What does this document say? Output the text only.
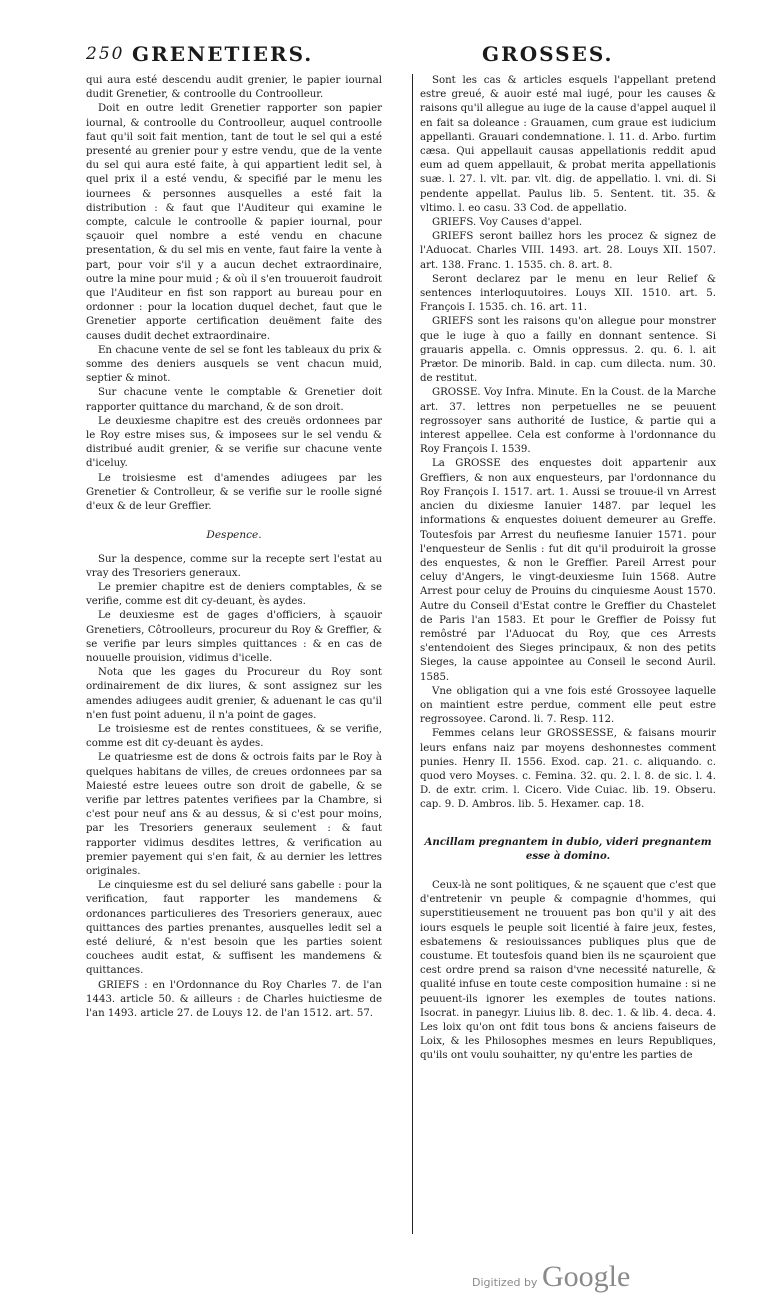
250 GRENETIERS.	GROSSES.

qui aura esté descendu audit grenier, le papier iournal dudit Grenetier, & controolle du Controolleur.

Doit en outre ledit Grenetier rapporter son papier iournal, & controolle du Controolleur, auquel controolle faut qu'il soit fait mention, tant de tout le sel qui a esté presenté au grenier pour y estre vendu, que de la vente du sel qui aura esté faite, à qui appartient ledit sel, à quel prix il a esté vendu, & specifié par le menu les iournees & personnes ausquelles a esté fait la distribution : & faut que l'Auditeur qui examine le compte, calcule le controolle & papier iournal, pour sçauoir quel nombre a esté vendu en chacune presentation, & du sel mis en vente, faut faire la vente à part, pour voir s'il y a aucun dechet extraordinaire, outre la mine pour muid ; & où il s'en trouueroit faudroit que l'Auditeur en fist son rapport au bureau pour en ordonner : pour la location duquel dechet, faut que le Grenetier apporte certification deuëment faite des causes dudit dechet extraordinaire.

En chacune vente de sel se font les tableaux du prix & somme des deniers ausquels se vent chacun muid, septier & minot.

Sur chacune vente le comptable & Grenetier doit rapporter quittance du marchand, & de son droit.

Le deuxiesme chapitre est des creuës ordonnees par le Roy estre mises sus, & imposees sur le sel vendu & distribué audit grenier, & se verifie sur chacune vente d'iceluy.

Le troisiesme est d'amendes adiugees par les Grenetier & Controlleur, & se verifie sur le roolle signé d'eux & de leur Greffier.

Despence.

Sur la despence, comme sur la recepte sert l'estat au vray des Tresoriers generaux.

Le premier chapitre est de deniers comptables, & se verifie, comme est dit cy-deuant, ès aydes.

Le deuxiesme est de gages d'officiers, à sçauoir Grenetiers, Côtroolleurs, procureur du Roy & Greffier, & se verifie par leurs simples quittances : & en cas de nouuelle prouision, vidimus d'icelle.

Nota que les gages du Procureur du Roy sont ordinairement de dix liures, & sont assignez sur les amendes adiugees audit grenier, & aduenant le cas qu'il n'en fust point aduenu, il n'a point de gages.

Le troisiesme est de rentes constituees, & se verifie, comme est dit cy-deuant ès aydes.

Le quatriesme est de dons & octrois faits par le Roy à quelques habitans de villes, de creues ordonnees par sa Maiesté estre leuees outre son droit de gabelle, & se verifie par lettres patentes verifiees par la Chambre, si c'est pour neuf ans & au dessus, & si c'est pour moins, par les Tresoriers generaux seulement : & faut rapporter vidimus desdites lettres, & verification au premier payement qui s'en fait, & au dernier les lettres originales.

Le cinquiesme est du sel deliuré sans gabelle : pour la verification, faut rapporter les mandemens & ordonances particulieres des Tresoriers generaux, auec quittances des parties prenantes, ausquelles ledit sel a esté deliuré, & n'est besoin que les parties soient couchees audit estat, & suffisent les mandemens & quittances.

GRIEFS : en l'Ordonnance du Roy Charles 7. de l'an 1443. article 50. & ailleurs : de Charles huictiesme de l'an 1493. article 27. de Louys 12. de l'an 1512. art. 57.

Sont les cas & articles esquels l'appellant pretend estre greué, & auoir esté mal iugé, pour les causes & raisons qu'il allegue au iuge de la cause d'appel auquel il en fait sa doleance : Grauamen, cum graue est iudicium appellanti. Grauari condemnatione. l. 11. d. Arbo. furtim cæsa. Qui appellauit causas appellationis reddit apud eum ad quem appellauit, & probat merita appellationis suæ. l. 27. l. vlt. par. vlt. dig. de appellatio. l. vni. di. Si pendente appellat. Paulus lib. 5. Sentent. tit. 35. & vltimo. l. eo casu. 33 Cod. de appellatio.

GRIEFS. Voy Causes d'appel.

GRIEFS seront baillez hors les procez & signez de l'Aduocat. Charles VIII. 1493. art. 28. Louys XII. 1507. art. 138. Franc. 1. 1535. ch. 8. art. 8.

Seront declarez par le menu en leur Relief & sentences interloquutoires. Louys XII. 1510. art. 5. François I. 1535. ch. 16. art. 11.

GRIEFS sont les raisons qu'on allegue pour monstrer que le iuge à quo a failly en donnant sentence. Si grauaris appella. c. Omnis oppressus. 2. qu. 6. l. ait Prætor. De minorib. Bald. in cap. cum dilecta. num. 30. de restitut.

GROSSE. Voy Infra. Minute. En la Coust. de la Marche art. 37. lettres non perpetuelles ne se peuuent regrossoyer sans authorité de Iustice, & partie qui a interest appellee. Cela est conforme à l'ordonnance du Roy François I. 1539.

La GROSSE des enquestes doit appartenir aux Greffiers, & non aux enquesteurs, par l'ordonnance du Roy François I. 1517. art. 1. Aussi se trouue-il vn Arrest ancien du dixiesme Ianuier 1487. par lequel les informations & enquestes doiuent demeurer au Greffe. Toutesfois par Arrest du neufiesme Ianuier 1571. pour l'enquesteur de Senlis : fut dit qu'il produiroit la grosse des enquestes, & non le Greffier. Pareil Arrest pour celuy d'Angers, le vingt-deuxiesme Iuin 1568. Autre Arrest pour celuy de Prouins du cinquiesme Aoust 1570. Autre du Conseil d'Estat contre le Greffier du Chastelet de Paris l'an 1583. Et pour le Greffier de Poissy fut remôstré par l'Aduocat du Roy, que ces Arrests s'entendoient des Sieges principaux, & non des petits Sieges, la cause appointee au Conseil le second Auril. 1585.

Vne obligation qui a vne fois esté Grossoyee laquelle on maintient estre perdue, comment elle peut estre regrossoyee. Carond. li. 7. Resp. 112.

Femmes celans leur GROSSESSE, & faisans mourir leurs enfans naiz par moyens deshonnestes comment punies. Henry II. 1556. Exod. cap. 21. c. aliquando. c. quod vero Moyses. c. Femina. 32. qu. 2. l. 8. de sic. l. 4. D. de extr. crim. l. Cicero. Vide Cuiac. lib. 19. Obseru. cap. 9. D. Ambros. lib. 5. Hexamer. cap. 18.

Ancillam pregnantem in dubio, videri pregnantem esse à domino.

Ceux-là ne sont politiques, & ne sçauent que c'est que d'entretenir vn peuple & compagnie d'hommes, qui superstitieusement ne trouuent pas bon qu'il y ait des iours esquels le peuple soit licentié à faire jeux, festes, esbatemens & resiouissances publiques plus que de coustume. Et toutesfois quand bien ils ne sçauroient que cest ordre prend sa raison d'vne necessité naturelle, & qualité infuse en toute ceste composition humaine : si ne peuuent-ils ignorer les exemples de toutes nations. Isocrat. in panegyr. Liuius lib. 8. dec. 1. & lib. 4. deca. 4. Les loix qu'on ont fdit tous bons & anciens faiseurs de Loix, & les Philosophes mesmes en leurs Republiques, qu'ils ont voulu souhaitter, ny qu'entre les parties de

Digitized by Google
